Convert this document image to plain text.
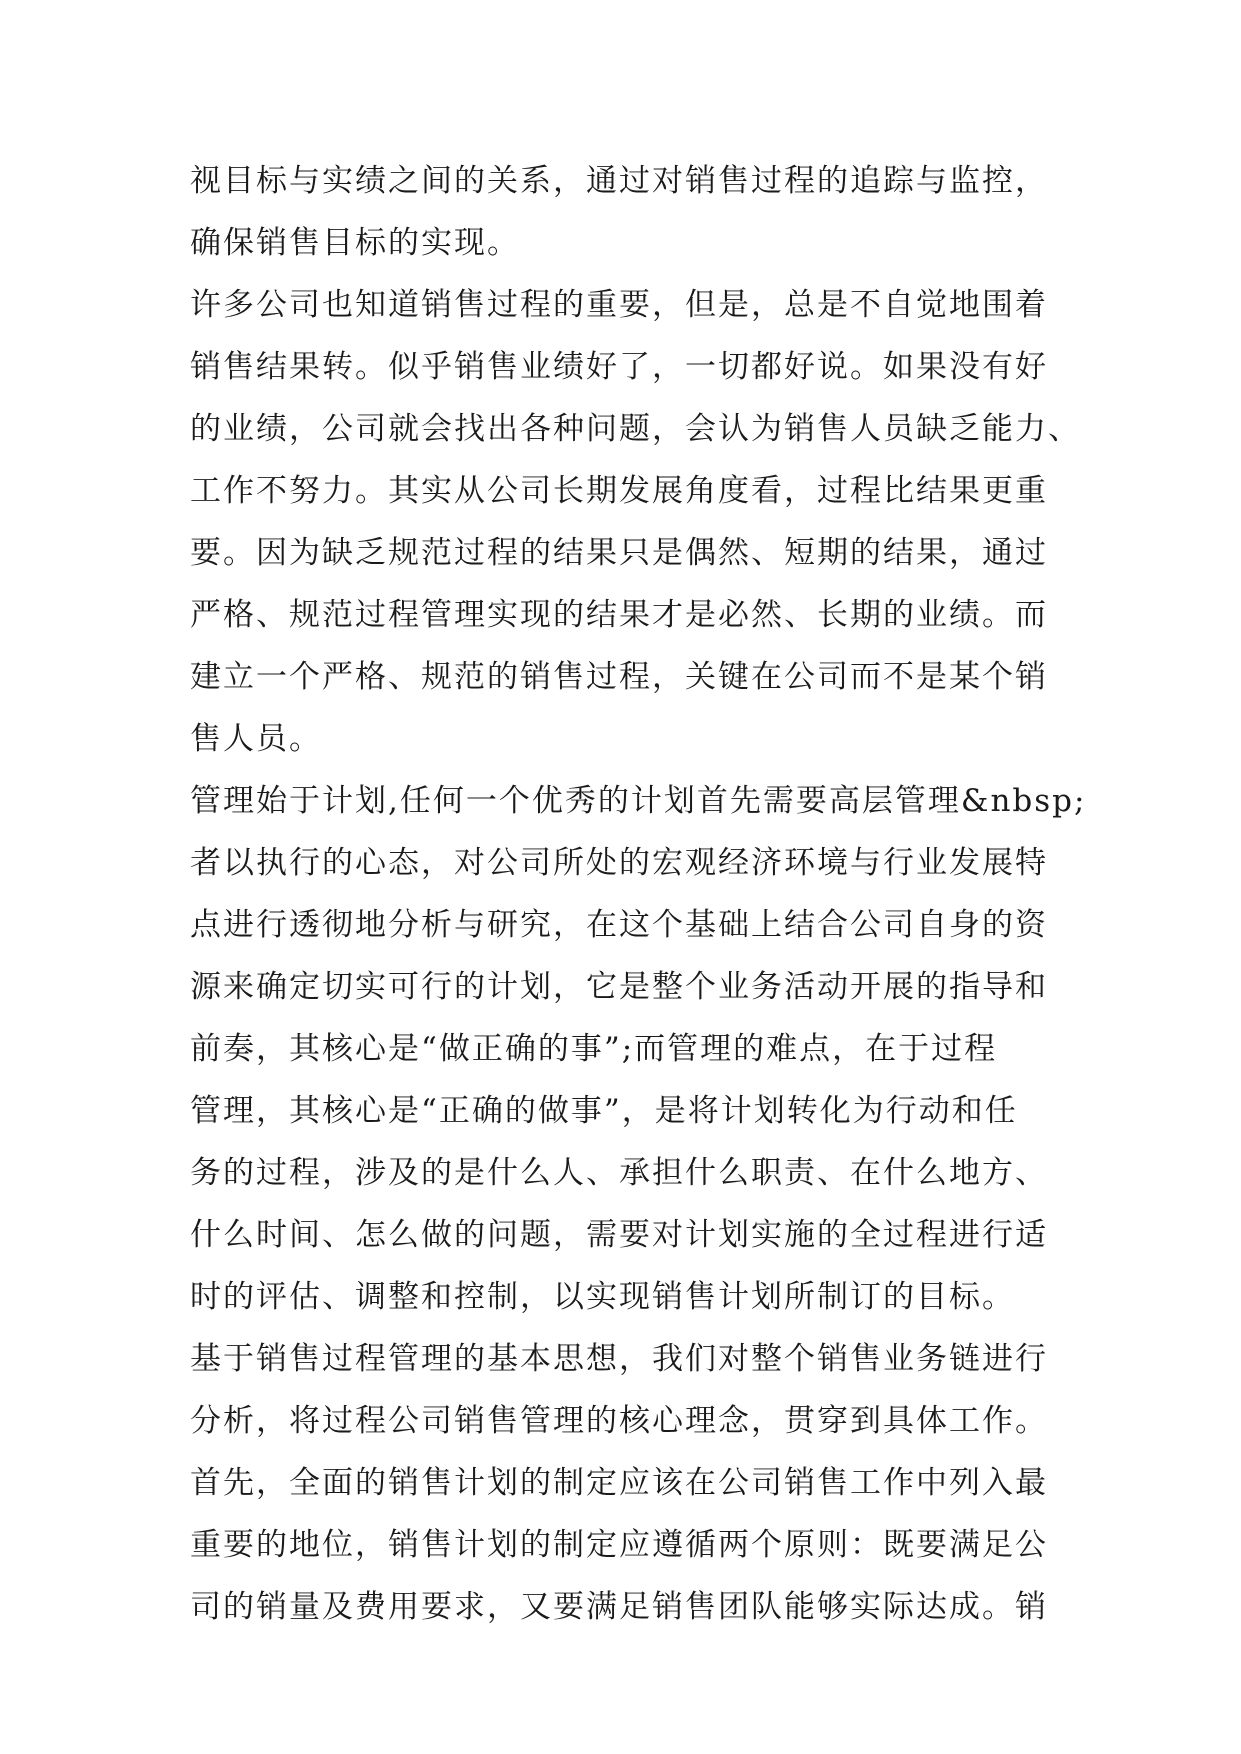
视目标与实绩之间的关系，通过对销售过程的追踪与监控，
确保销售目标的实现。
许多公司也知道销售过程的重要，但是，总是不自觉地围着
销售结果转。似乎销售业绩好了，一切都好说。如果没有好
的业绩，公司就会找出各种问题，会认为销售人员缺乏能力、
工作不努力。其实从公司长期发展角度看，过程比结果更重
要。因为缺乏规范过程的结果只是偶然、短期的结果，通过
严格、规范过程管理实现的结果才是必然、长期的业绩。而
建立一个严格、规范的销售过程，关键在公司而不是某个销
售人员。
管理始于计划,任何一个优秀的计划首先需要高层管理&nbsp;
者以执行的心态，对公司所处的宏观经济环境与行业发展特
点进行透彻地分析与研究，在这个基础上结合公司自身的资
源来确定切实可行的计划，它是整个业务活动开展的指导和
前奏，其核心是“做正确的事”;而管理的难点，在于过程
管理，其核心是“正确的做事”，是将计划转化为行动和任
务的过程，涉及的是什么人、承担什么职责、在什么地方、
什么时间、怎么做的问题，需要对计划实施的全过程进行适
时的评估、调整和控制，以实现销售计划所制订的目标。
基于销售过程管理的基本思想，我们对整个销售业务链进行
分析，将过程公司销售管理的核心理念，贯穿到具体工作。
首先，全面的销售计划的制定应该在公司销售工作中列入最
重要的地位，销售计划的制定应遵循两个原则：既要满足公
司的销量及费用要求，又要满足销售团队能够实际达成。销
